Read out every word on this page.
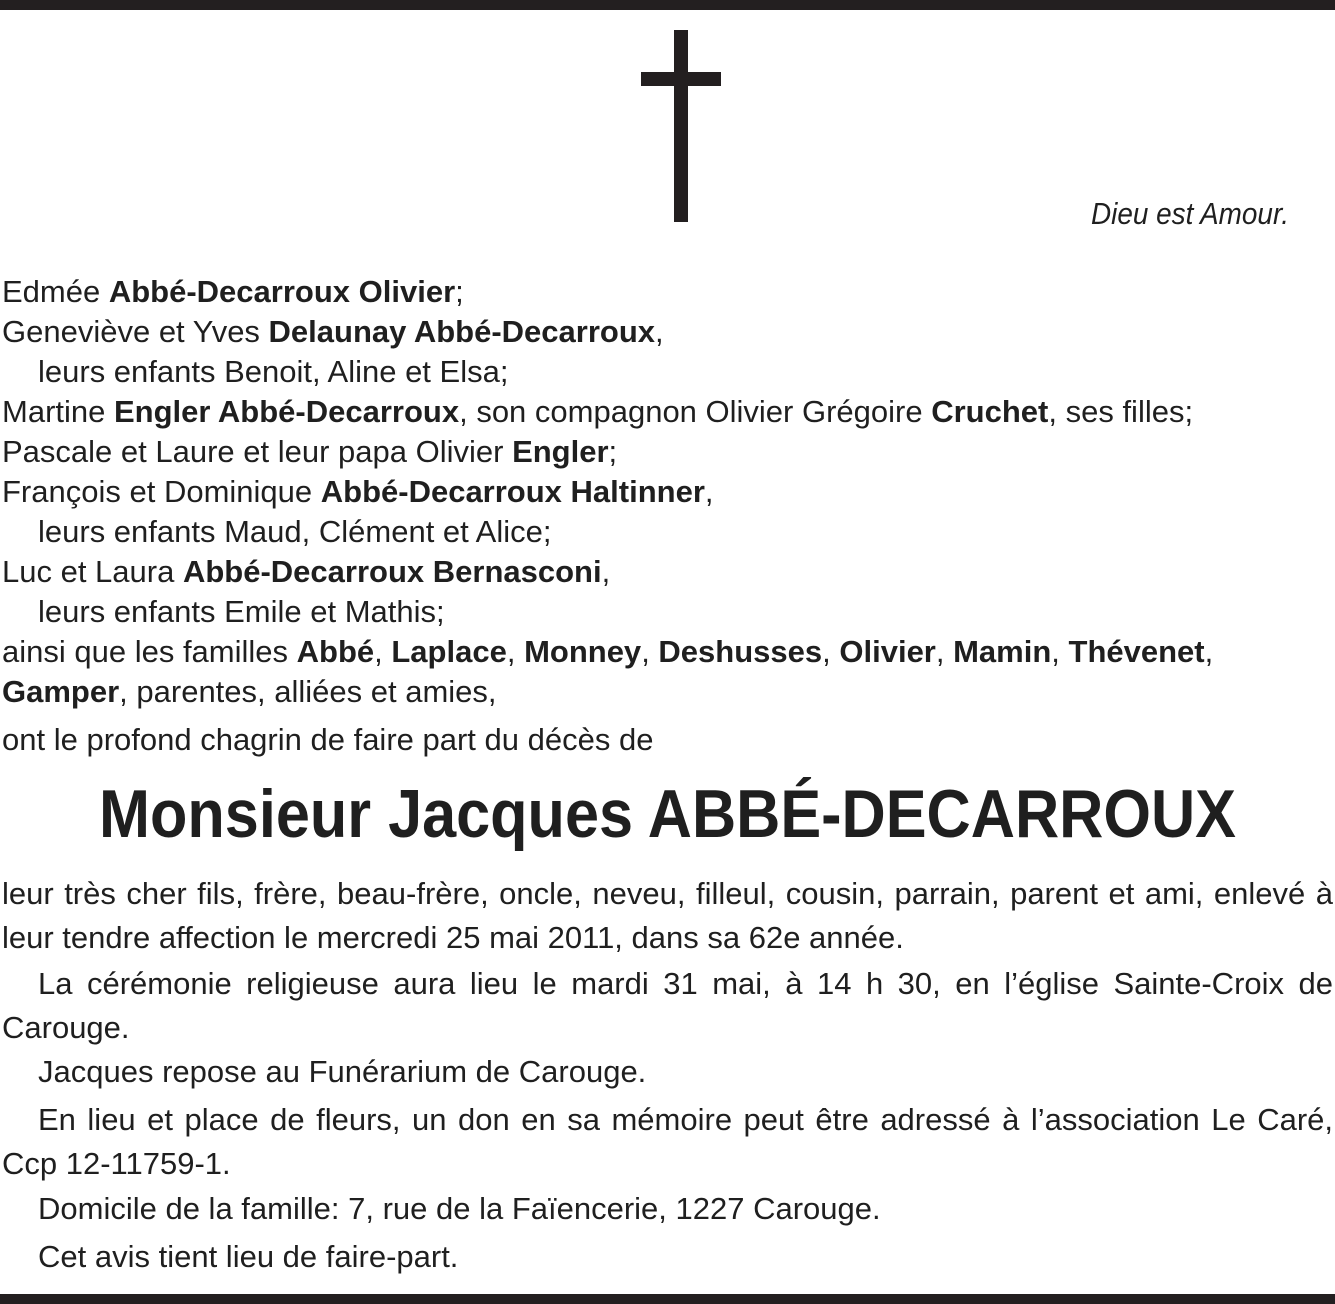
Dieu est Amour.
Edmée Abbé-Decarroux Olivier;
Geneviève et Yves Delaunay Abbé-Decarroux,
leurs enfants Benoit, Aline et Elsa;
Martine Engler Abbé-Decarroux, son compagnon Olivier Grégoire Cruchet, ses filles;
Pascale et Laure et leur papa Olivier Engler;
François et Dominique Abbé-Decarroux Haltinner,
leurs enfants Maud, Clément et Alice;
Luc et Laura Abbé-Decarroux Bernasconi,
leurs enfants Emile et Mathis;
ainsi que les familles Abbé, Laplace, Monney, Deshusses, Olivier, Mamin, Thévenet,
Gamper, parentes, alliées et amies,
ont le profond chagrin de faire part du décès de
Monsieur Jacques ABBÉ-DECARROUX
leur très cher fils, frère, beau-frère, oncle, neveu, filleul, cousin, parrain, parent et ami, enlevé à leur tendre affection le mercredi 25 mai 2011, dans sa 62e année.
La cérémonie religieuse aura lieu le mardi 31 mai, à 14 h 30, en l’église Sainte-Croix de Carouge.
Jacques repose au Funérarium de Carouge.
En lieu et place de fleurs, un don en sa mémoire peut être adressé à l’association Le Caré, Ccp 12-11759-1.
Domicile de la famille: 7, rue de la Faïencerie, 1227 Carouge.
Cet avis tient lieu de faire-part.
